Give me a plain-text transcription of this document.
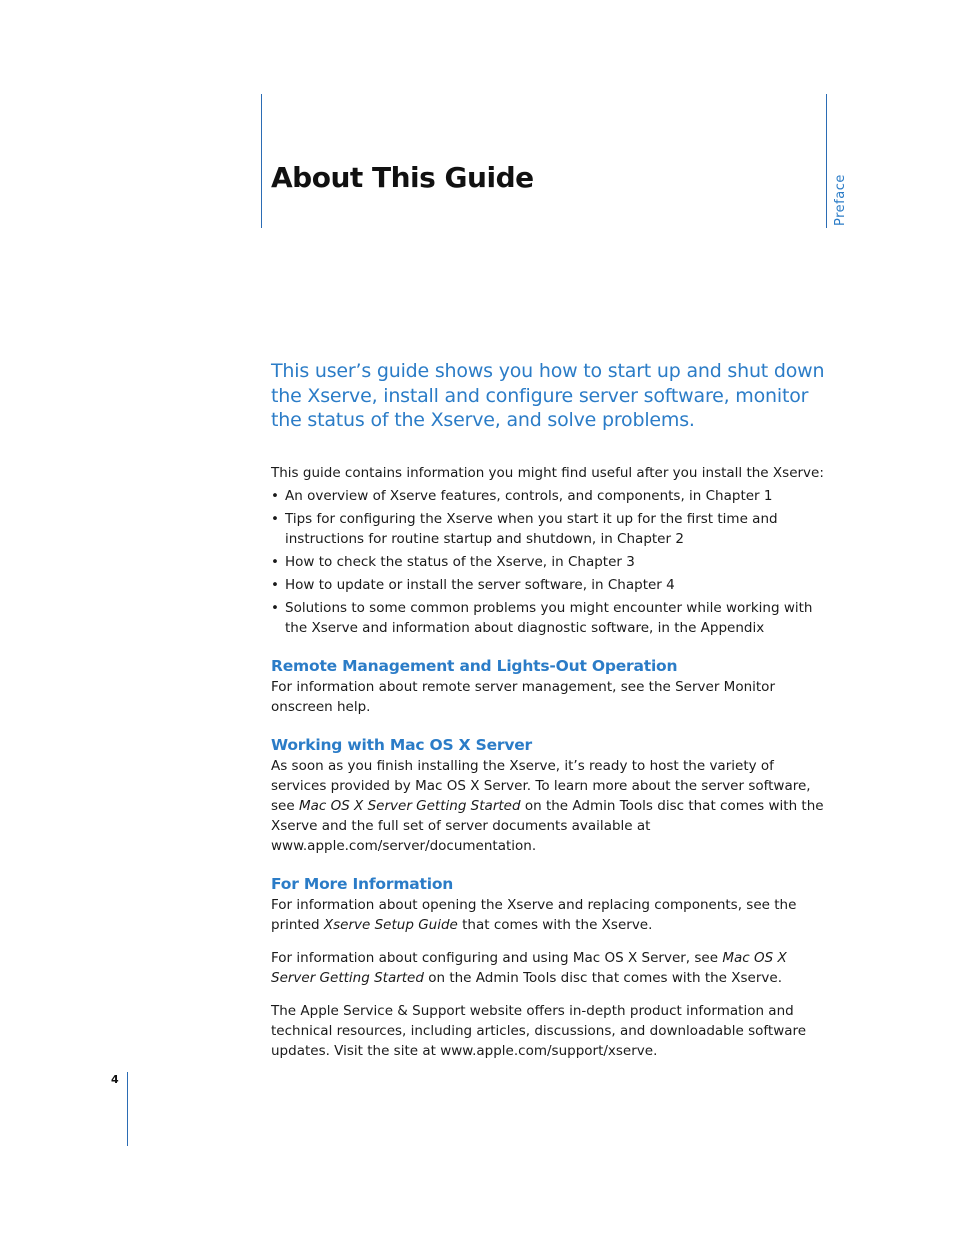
About This Guide	Preface
4

This user’s guide shows you how to start up and shut down the Xserve, install and configure server software, monitor the status of the Xserve, and solve problems.

This guide contains information you might find useful after you install the Xserve:

• An overview of Xserve features, controls, and components, in Chapter 1
• Tips for configuring the Xserve when you start it up for the first time and instructions for routine startup and shutdown, in Chapter 2
• How to check the status of the Xserve, in Chapter 3
• How to update or install the server software, in Chapter 4
• Solutions to some common problems you might encounter while working with the Xserve and information about diagnostic software, in the Appendix
Remote Management and Lights-Out Operation

For information about remote server management, see the Server Monitor onscreen help.

Working with Mac OS X Server

As soon as you finish installing the Xserve, it’s ready to host the variety of services provided by Mac OS X Server. To learn more about the server software, see Mac OS X Server Getting Started on the Admin Tools disc that comes with the Xserve and the full set of server documents available at www.apple.com/server/documentation.

For More Information

For information about opening the Xserve and replacing components, see the printed Xserve Setup Guide that comes with the Xserve.

For information about configuring and using Mac OS X Server, see Mac OS X Server Getting Started on the Admin Tools disc that comes with the Xserve.

The Apple Service & Support website offers in-depth product information and technical resources, including articles, discussions, and downloadable software updates. Visit the site at www.apple.com/support/xserve.
